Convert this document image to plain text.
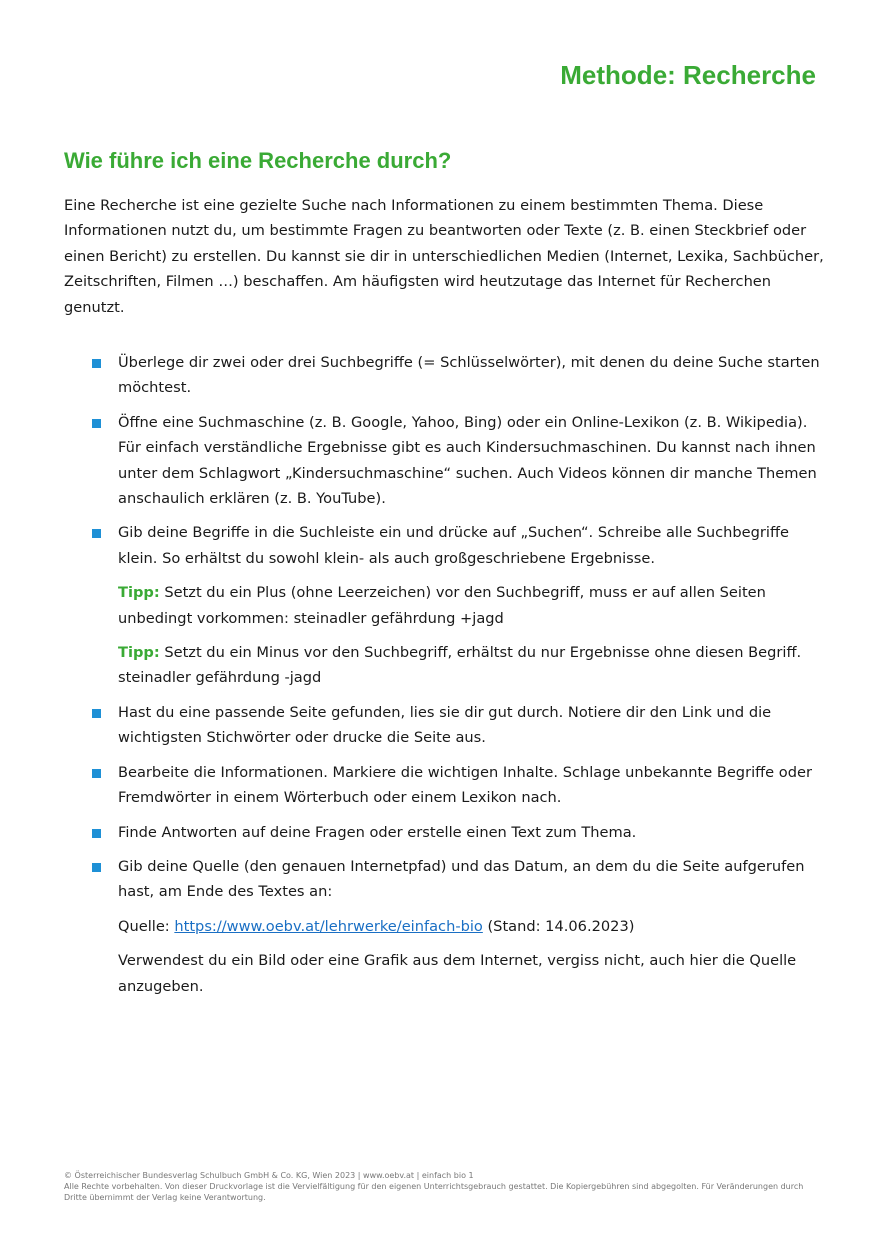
Methode: Recherche
Wie führe ich eine Recherche durch?

Eine Recherche ist eine gezielte Suche nach Informationen zu einem bestimmten Thema. Diese Informationen nutzt du, um bestimmte Fragen zu beantworten oder Texte (z. B. einen Steckbrief oder einen Bericht) zu erstellen. Du kannst sie dir in unterschiedlichen Medien (Internet, Lexika, Sachbücher, Zeitschriften, Filmen …) beschaffen. Am häufigsten wird heutzutage das Internet für Recherchen genutzt.

Überlege dir zwei oder drei Suchbegriffe (= Schlüsselwörter), mit denen du deine Suche starten möchtest.

Öffne eine Suchmaschine (z. B. Google, Yahoo, Bing) oder ein Online-Lexikon (z. B. Wikipedia). Für einfach verständliche Ergebnisse gibt es auch Kindersuchmaschinen. Du kannst nach ihnen unter dem Schlagwort „Kindersuchmaschine“ suchen. Auch Videos können dir manche Themen anschaulich erklären (z. B. YouTube).

Gib deine Begriffe in die Suchleiste ein und drücke auf „Suchen“. Schreibe alle Suchbegriffe klein. So erhältst du sowohl klein- als auch großgeschriebene Ergebnisse.

Tipp: Setzt du ein Plus (ohne Leerzeichen) vor den Suchbegriff, muss er auf allen Seiten unbedingt vorkommen: steinadler gefährdung +jagd

Tipp: Setzt du ein Minus vor den Suchbegriff, erhältst du nur Ergebnisse ohne diesen Begriff. steinadler gefährdung -jagd

Hast du eine passende Seite gefunden, lies sie dir gut durch. Notiere dir den Link und die wichtigsten Stichwörter oder drucke die Seite aus.

Bearbeite die Informationen. Markiere die wichtigen Inhalte. Schlage unbekannte Begriffe oder Fremdwörter in einem Wörterbuch oder einem Lexikon nach.

Finde Antworten auf deine Fragen oder erstelle einen Text zum Thema.

Gib deine Quelle (den genauen Internetpfad) und das Datum, an dem du die Seite aufgerufen hast, am Ende des Textes an:

Quelle: https://www.oebv.at/lehrwerke/einfach-bio (Stand: 14.06.2023)

Verwendest du ein Bild oder eine Grafik aus dem Internet, vergiss nicht, auch hier die Quelle anzugeben.

© Österreichischer Bundesverlag Schulbuch GmbH & Co. KG, Wien 2023 | www.oebv.at | einfach bio 1

Alle Rechte vorbehalten. Von dieser Druckvorlage ist die Vervielfältigung für den eigenen Unterrichtsgebrauch gestattet. Die Kopiergebühren sind abgegolten. Für Veränderungen durch Dritte übernimmt der Verlag keine Verantwortung.
